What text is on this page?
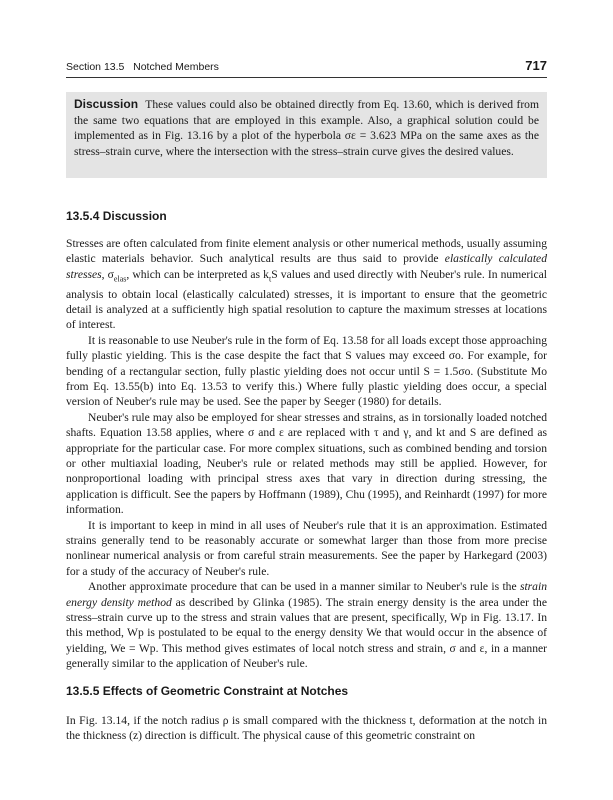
Section 13.5   Notched Members	717
Discussion These values could also be obtained directly from Eq. 13.60, which is derived from the same two equations that are employed in this example. Also, a graphical solution could be implemented as in Fig. 13.16 by a plot of the hyperbola σε = 3.623 MPa on the same axes as the stress–strain curve, where the intersection with the stress–strain curve gives the desired values.
13.5.4 Discussion

Stresses are often calculated from finite element analysis or other numerical methods, usually assuming elastic materials behavior. Such analytical results are thus said to provide elastically calculated stresses, $\sigma_{elas}$, which can be interpreted as $k_tS$ values and used directly with Neuber's rule. In numerical analysis to obtain local (elastically calculated) stresses, it is important to ensure that the geometric detail is analyzed at a sufficiently high spatial resolution to capture the maximum stresses at locations of interest.

It is reasonable to use Neuber's rule in the form of Eq. 13.58 for all loads except those approaching fully plastic yielding. This is the case despite the fact that S values may exceed σo. For example, for bending of a rectangular section, fully plastic yielding does not occur until S = 1.5σo. (Substitute Mo from Eq. 13.55(b) into Eq. 13.53 to verify this.) Where fully plastic yielding does occur, a special version of Neuber's rule may be used. See the paper by Seeger (1980) for details.

Neuber's rule may also be employed for shear stresses and strains, as in torsionally loaded notched shafts. Equation 13.58 applies, where σ and ε are replaced with τ and γ, and kt and S are defined as appropriate for the particular case. For more complex situations, such as combined bending and torsion or other multiaxial loading, Neuber's rule or related methods may still be applied. However, for nonproportional loading with principal stress axes that vary in direction during stressing, the application is difficult. See the papers by Hoffmann (1989), Chu (1995), and Reinhardt (1997) for more information.

It is important to keep in mind in all uses of Neuber's rule that it is an approximation. Estimated strains generally tend to be reasonably accurate or somewhat larger than those from more precise nonlinear numerical analysis or from careful strain measurements. See the paper by Harkegard (2003) for a study of the accuracy of Neuber's rule.

Another approximate procedure that can be used in a manner similar to Neuber's rule is the strain energy density method as described by Glinka (1985). The strain energy density is the area under the stress–strain curve up to the stress and strain values that are present, specifically, Wp in Fig. 13.17. In this method, Wp is postulated to be equal to the energy density We that would occur in the absence of yielding, We = Wp. This method gives estimates of local notch stress and strain, σ and ε, in a manner generally similar to the application of Neuber's rule.

13.5.5 Effects of Geometric Constraint at Notches

In Fig. 13.14, if the notch radius ρ is small compared with the thickness t, deformation at the notch in the thickness (z) direction is difficult. The physical cause of this geometric constraint on
